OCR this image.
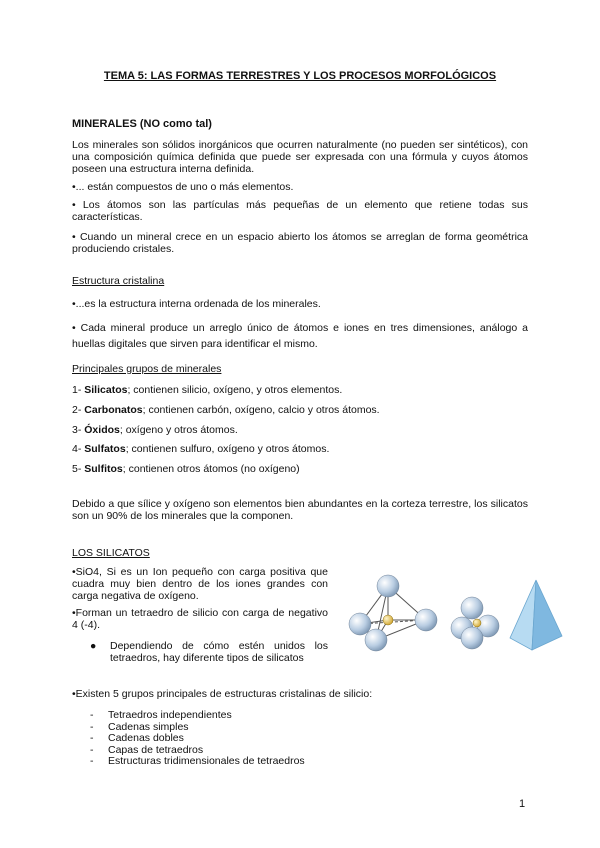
TEMA 5: LAS FORMAS TERRESTRES Y LOS PROCESOS MORFOLÓGICOS
MINERALES (NO como tal)
Los minerales son sólidos inorgánicos que ocurren naturalmente (no pueden ser sintéticos), con una composición química definida que puede ser expresada con una fórmula y cuyos átomos poseen una estructura interna definida.
•... están compuestos de uno o más elementos.
• Los átomos son las partículas más pequeñas de un elemento que retiene todas sus características.
• Cuando un mineral crece en un espacio abierto los átomos se arreglan de forma geométrica produciendo cristales.
Estructura cristalina
•...es la estructura interna ordenada de los minerales.
• Cada mineral produce un arreglo único de átomos e iones en tres dimensiones, análogo a huellas digitales que sirven para identificar el mismo.
Principales grupos de minerales
1- Silicatos; contienen silicio, oxígeno, y otros elementos.
2- Carbonatos; contienen carbón, oxígeno, calcio y otros átomos.
3- Óxidos; oxígeno y otros átomos.
4- Sulfatos; contienen sulfuro, oxígeno y otros átomos.
5- Sulfitos; contienen otros átomos (no oxígeno)
Debido a que sílice y oxígeno son elementos bien abundantes en la corteza terrestre, los silicatos son un 90% de los minerales que la componen.
LOS SILICATOS
•SiO4, Si es un Ion pequeño con carga positiva que cuadra muy bien dentro de los iones grandes con carga negativa de oxígeno.
•Forman un tetraedro de silicio con carga de negativo 4 (-4).
● Dependiendo de cómo estén unidos los tetraedros, hay diferente tipos de silicatos
•Existen 5 grupos principales de estructuras cristalinas de silicio:
- Tetraedros independientes
- Cadenas simples
- Cadenas dobles
- Capas de tetraedros
- Estructuras tridimensionales de tetraedros
1
